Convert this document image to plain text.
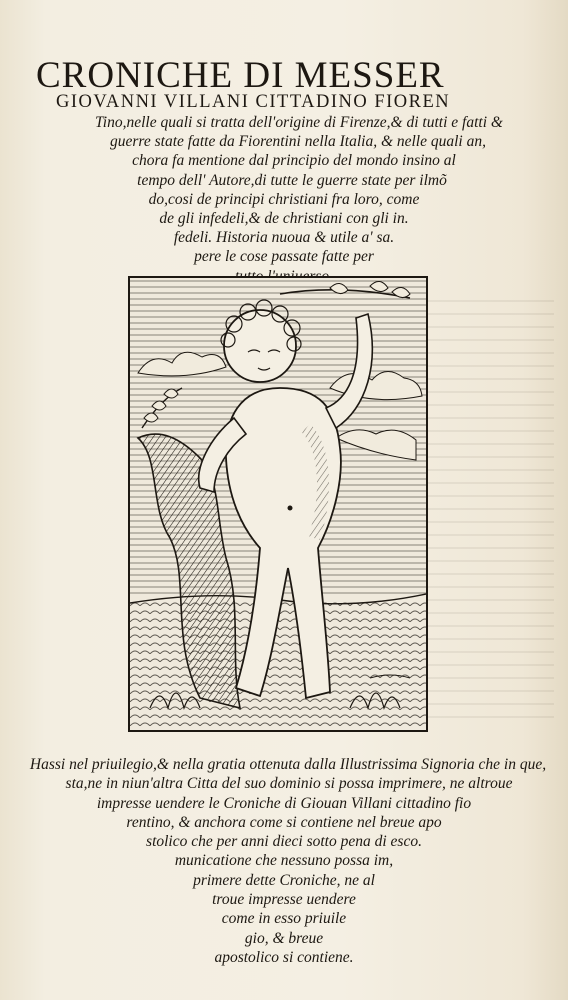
CRONICHE DI MESSER
GIOVANNI VILLANI CITTADINO FIOREN
Tino,nelle quali si tratta dell'origine di Firenze,& di tutti e fatti &
guerre state fatte da Fiorentini nella Italia, & nelle quali an,
chora fa mentione dal principio del mondo insino al
tempo dell' Autore,di tutte le guerre state per ilmõ
do,cosi de principi christiani fra loro, come
de gli infedeli,& de christiani con gli in.
fedeli. Historia nuoua & utile a' sa.
pere le cose passate fatte per
Hassi nel priuilegio,& nella gratia ottenuta dalla Illustrissima Signoria che in que,
sta,ne in niun'altra Citta del suo dominio si possa imprimere, ne altroue
impresse uendere le Croniche di Giouan Villani cittadino fio
rentino, & anchora come si contiene nel breue apo
stolico che per anni dieci sotto pena di esco.
municatione che nessuno possa im,
primere dette Croniche, ne al
troue impresse uendere
come in esso priuile
gio, & breue
apostolico si contiene.
